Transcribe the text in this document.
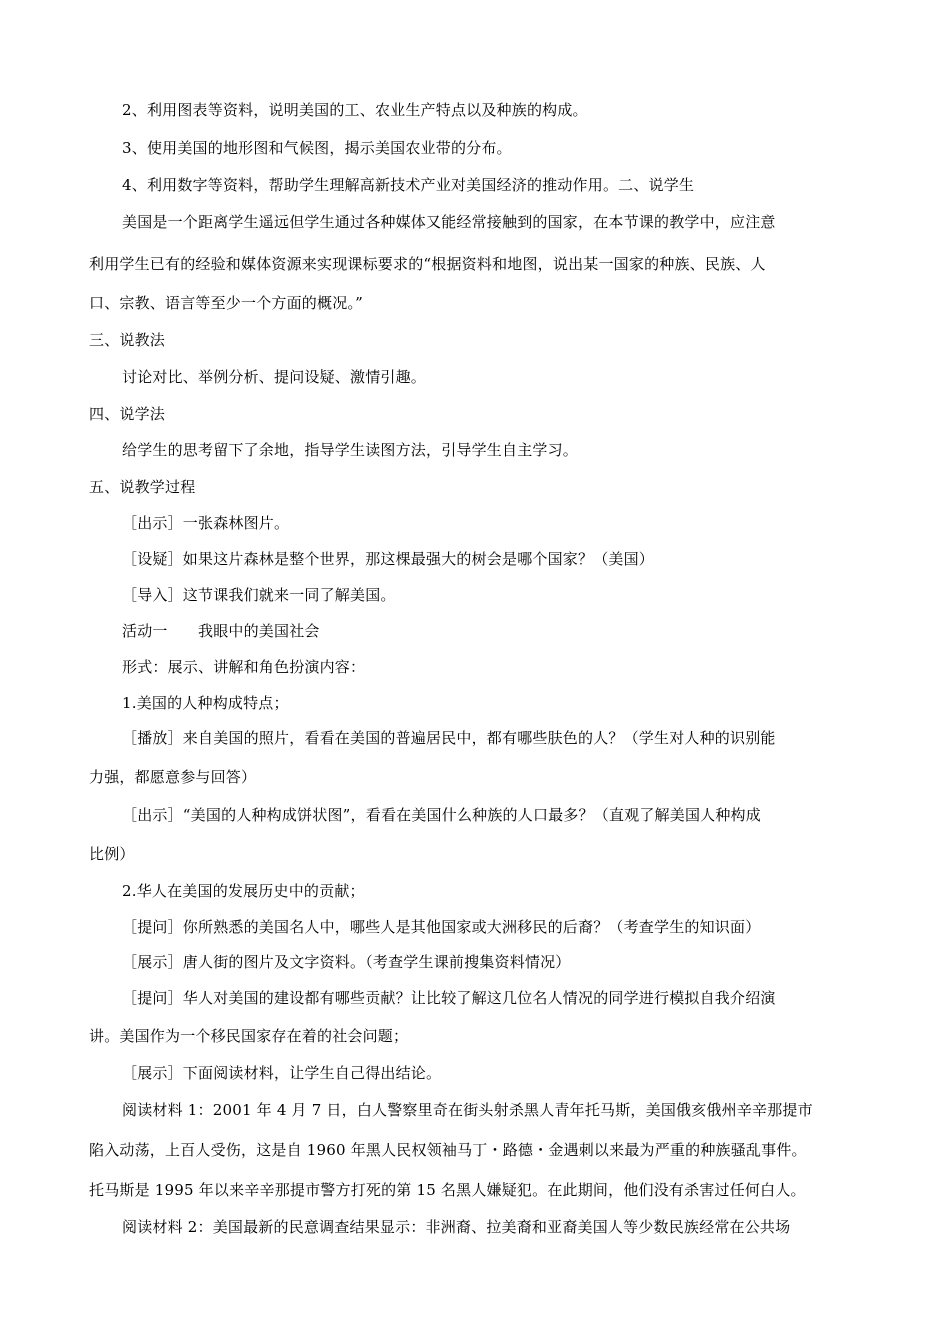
2、利用图表等资料，说明美国的工、农业生产特点以及种族的构成。
3、使用美国的地形图和气候图，揭示美国农业带的分布。
4、利用数字等资料，帮助学生理解高新技术产业对美国经济的推动作用。二、说学生
美国是一个距离学生遥远但学生通过各种媒体又能经常接触到的国家，在本节课的教学中，应注意
利用学生已有的经验和媒体资源来实现课标要求的“根据资料和地图，说出某一国家的种族、民族、人
口、宗教、语言等至少一个方面的概况。”
三、说教法
讨论对比、举例分析、提问设疑、激情引趣。
四、说学法
给学生的思考留下了余地，指导学生读图方法，引导学生自主学习。
五、说教学过程
［出示］一张森林图片。
［设疑］如果这片森林是整个世界，那这棵最强大的树会是哪个国家？（美国）
［导入］这节课我们就来一同了解美国。
活动一　　我眼中的美国社会
形式：展示、讲解和角色扮演内容：
1.美国的人种构成特点；
［播放］来自美国的照片，看看在美国的普遍居民中，都有哪些肤色的人？（学生对人种的识别能
力强，都愿意参与回答）
［出示］“美国的人种构成饼状图”，看看在美国什么种族的人口最多？（直观了解美国人种构成
比例）
2.华人在美国的发展历史中的贡献；
［提问］你所熟悉的美国名人中，哪些人是其他国家或大洲移民的后裔？（考查学生的知识面）
［展示］唐人街的图片及文字资料。（考查学生课前搜集资料情况）
［提问］华人对美国的建设都有哪些贡献？让比较了解这几位名人情况的同学进行模拟自我介绍演
讲。美国作为一个移民国家存在着的社会问题；
［展示］下面阅读材料，让学生自己得出结论。
阅读材料 1：2001 年 4 月 7 日，白人警察里奇在街头射杀黑人青年托马斯，美国俄亥俄州辛辛那提市
陷入动荡，上百人受伤，这是自 1960 年黑人民权领袖马丁・路德・金遇刺以来最为严重的种族骚乱事件。
托马斯是 1995 年以来辛辛那提市警方打死的第 15 名黑人嫌疑犯。在此期间，他们没有杀害过任何白人。
阅读材料 2：美国最新的民意调查结果显示：非洲裔、拉美裔和亚裔美国人等少数民族经常在公共场
